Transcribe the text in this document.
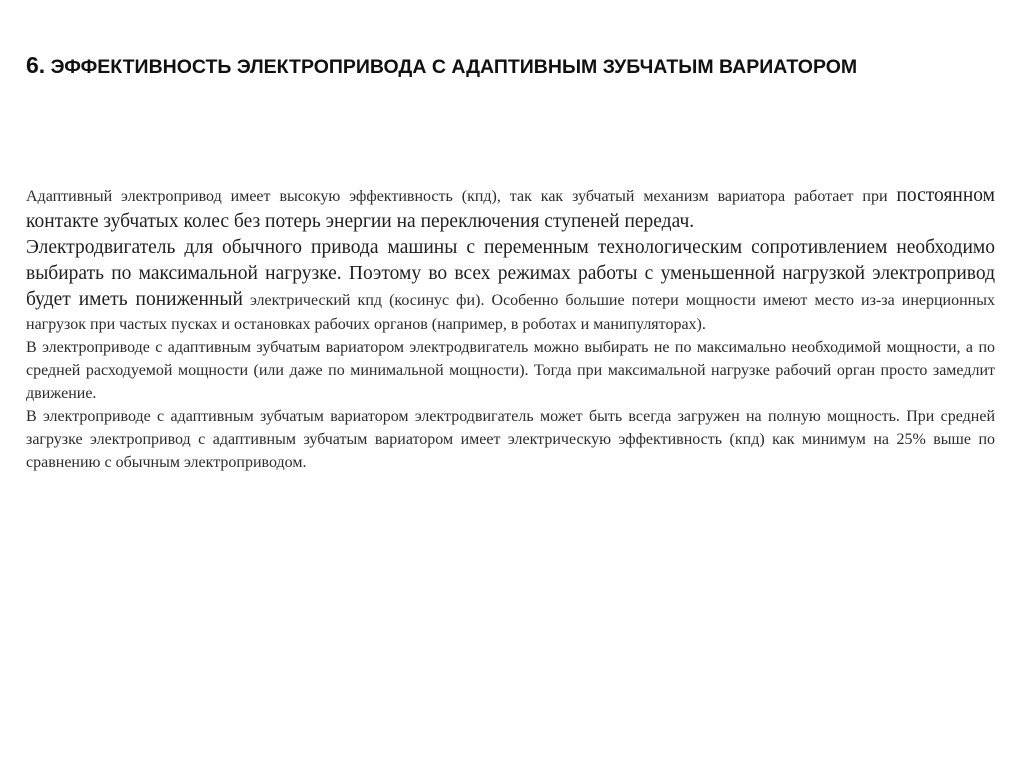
6. ЭФФЕКТИВНОСТЬ ЭЛЕКТРОПРИВОДА С АДАПТИВНЫМ ЗУБЧАТЫМ ВАРИАТОРОМ

Адаптивный электропривод имеет высокую эффективность (кпд), так как зубчатый механизм вариатора работает при постоянном контакте зубчатых колес без потерь энергии на переключения ступеней передач.

Электродвигатель для обычного привода машины с переменным технологическим сопротивлением необходимо выбирать по максимальной нагрузке. Поэтому во всех режимах работы с уменьшенной нагрузкой электропривод будет иметь пониженный электрический кпд (косинус фи). Особенно большие потери мощности имеют место из-за инерционных нагрузок при частых пусках и остановках рабочих органов (например, в роботах и манипуляторах).

В электроприводе с адаптивным зубчатым вариатором электродвигатель можно выбирать не по максимально необходимой мощности, а по средней расходуемой мощности (или даже по минимальной мощности). Тогда при максимальной нагрузке рабочий орган просто замедлит движение.

В электроприводе с адаптивным зубчатым вариатором электродвигатель может быть всегда загружен на полную мощность. При средней загрузке электропривод с адаптивным зубчатым вариатором имеет электрическую эффективность (кпд) как минимум на 25% выше по сравнению с обычным электроприводом.
